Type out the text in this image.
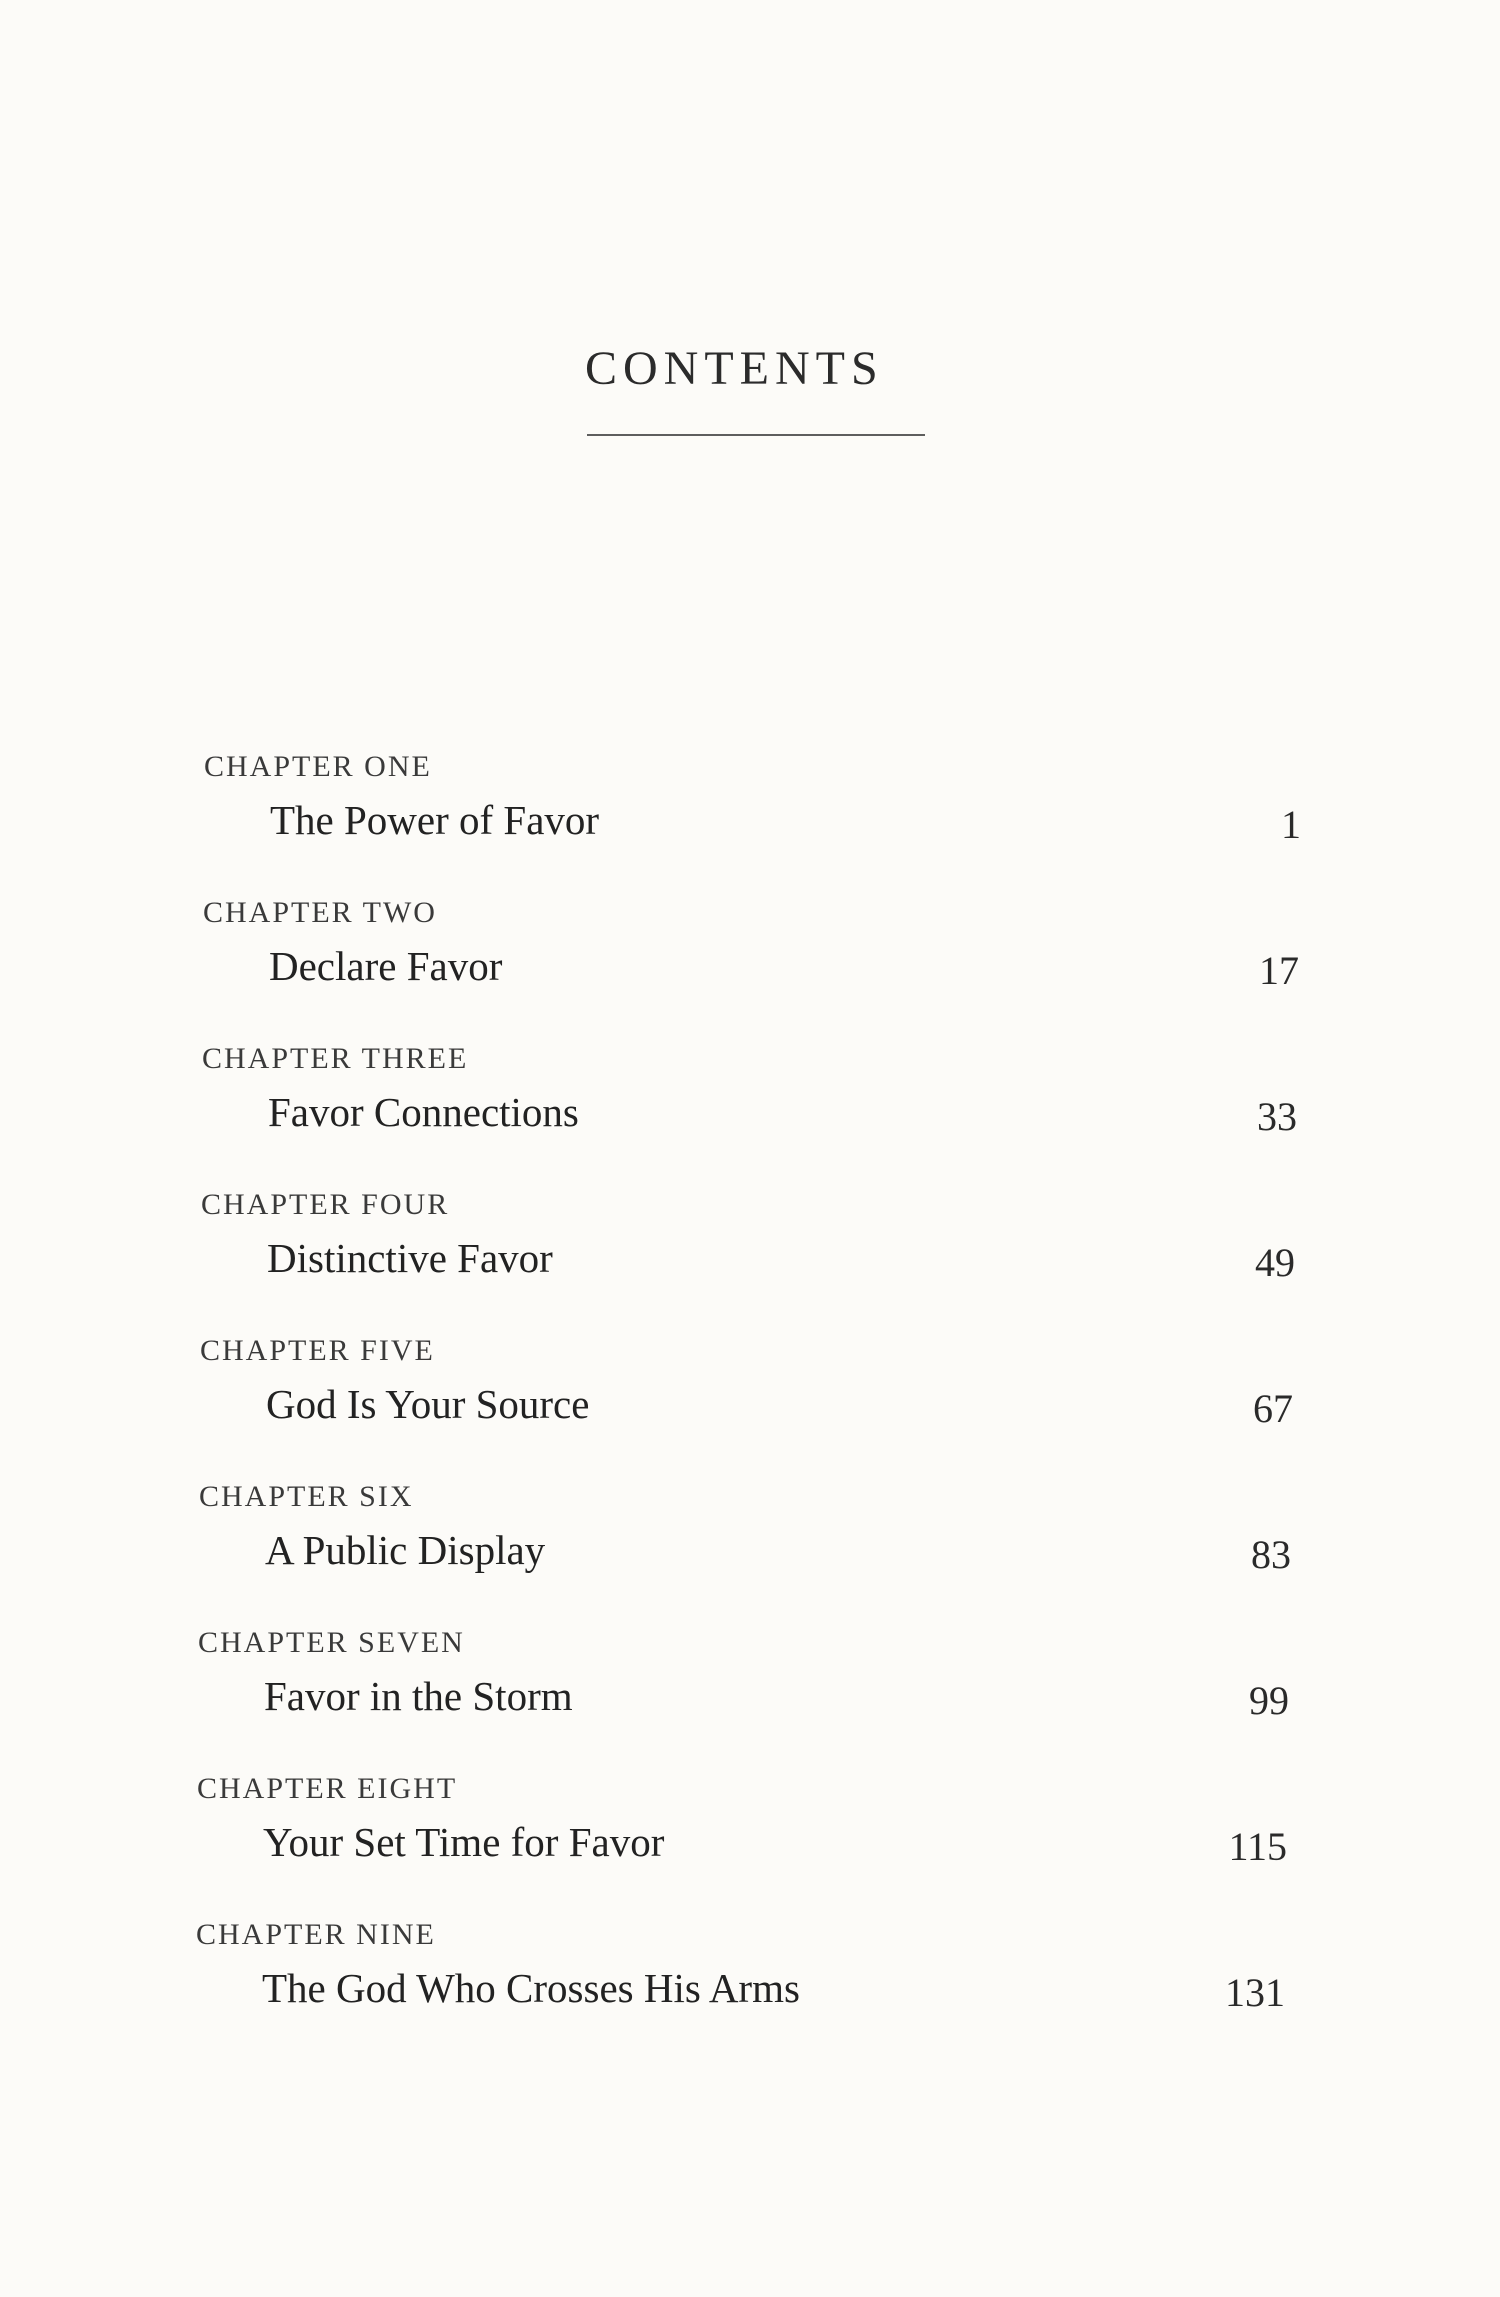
CONTENTS
CHAPTER ONE
The Power of Favor	1
CHAPTER TWO
Declare Favor	17
CHAPTER THREE
Favor Connections	33
CHAPTER FOUR
Distinctive Favor	49
CHAPTER FIVE
God Is Your Source	67
CHAPTER SIX
A Public Display	83
CHAPTER SEVEN
Favor in the Storm	99
CHAPTER EIGHT
Your Set Time for Favor	115
CHAPTER NINE
The God Who Crosses His Arms	131
